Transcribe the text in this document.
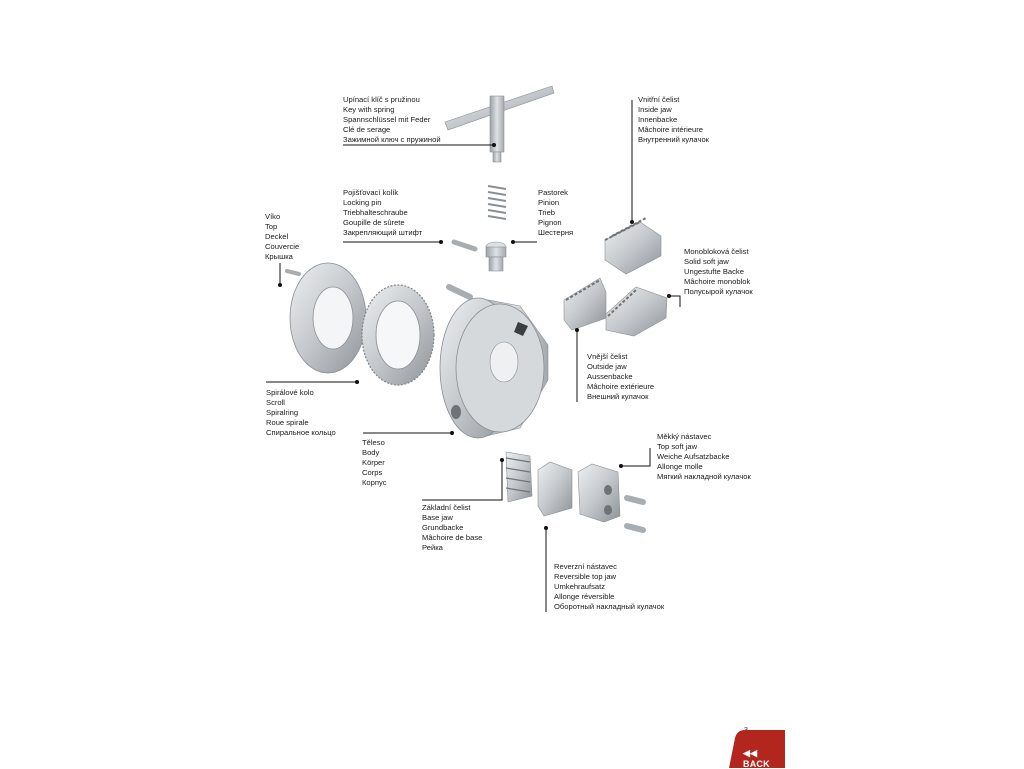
Upínací klíč s pružinou
Key with spring
Spannschlüssel mit Feder
Clé de serage
Зажимной ключ с пружиной
Pojišťovací kolík
Locking pin
Triebhalteschraube
Goupille de sûrete
Закрепляющий штифт
Pastorek
Pinion
Trieb
Pignon
Шестерня
Víko
Top
Deckel
Couvercie
Крышка
Vnitřní čelist
Inside jaw
Innenbacke
Mâchoire intérieure
Внутренний кулачок
Monobloková čelist
Solid soft jaw
Ungestufte Backe
Mâchoire monoblok
Полусырой кулачок
Vnější čelist
Outside jaw
Aussenbacke
Mâchoire extérieure
Внешний кулачок
Spirálové kolo
Scroll
Spiralring
Roue spirale
Спиральное кольцо
Těleso
Body
Körper
Corps
Корпус
Měkký nástavec
Top soft jaw
Weiche Aufsatzbacke
Allonge molle
Мягкий накладной кулачок
Základní čelist
Base jaw
Grundbacke
Mâchoire de base
Рейка
Reverzní nástavec
Reversible top jaw
Umkehraufsatz
Allonge réversible
Оборотный накладный кулачок
◀◀ BACK
